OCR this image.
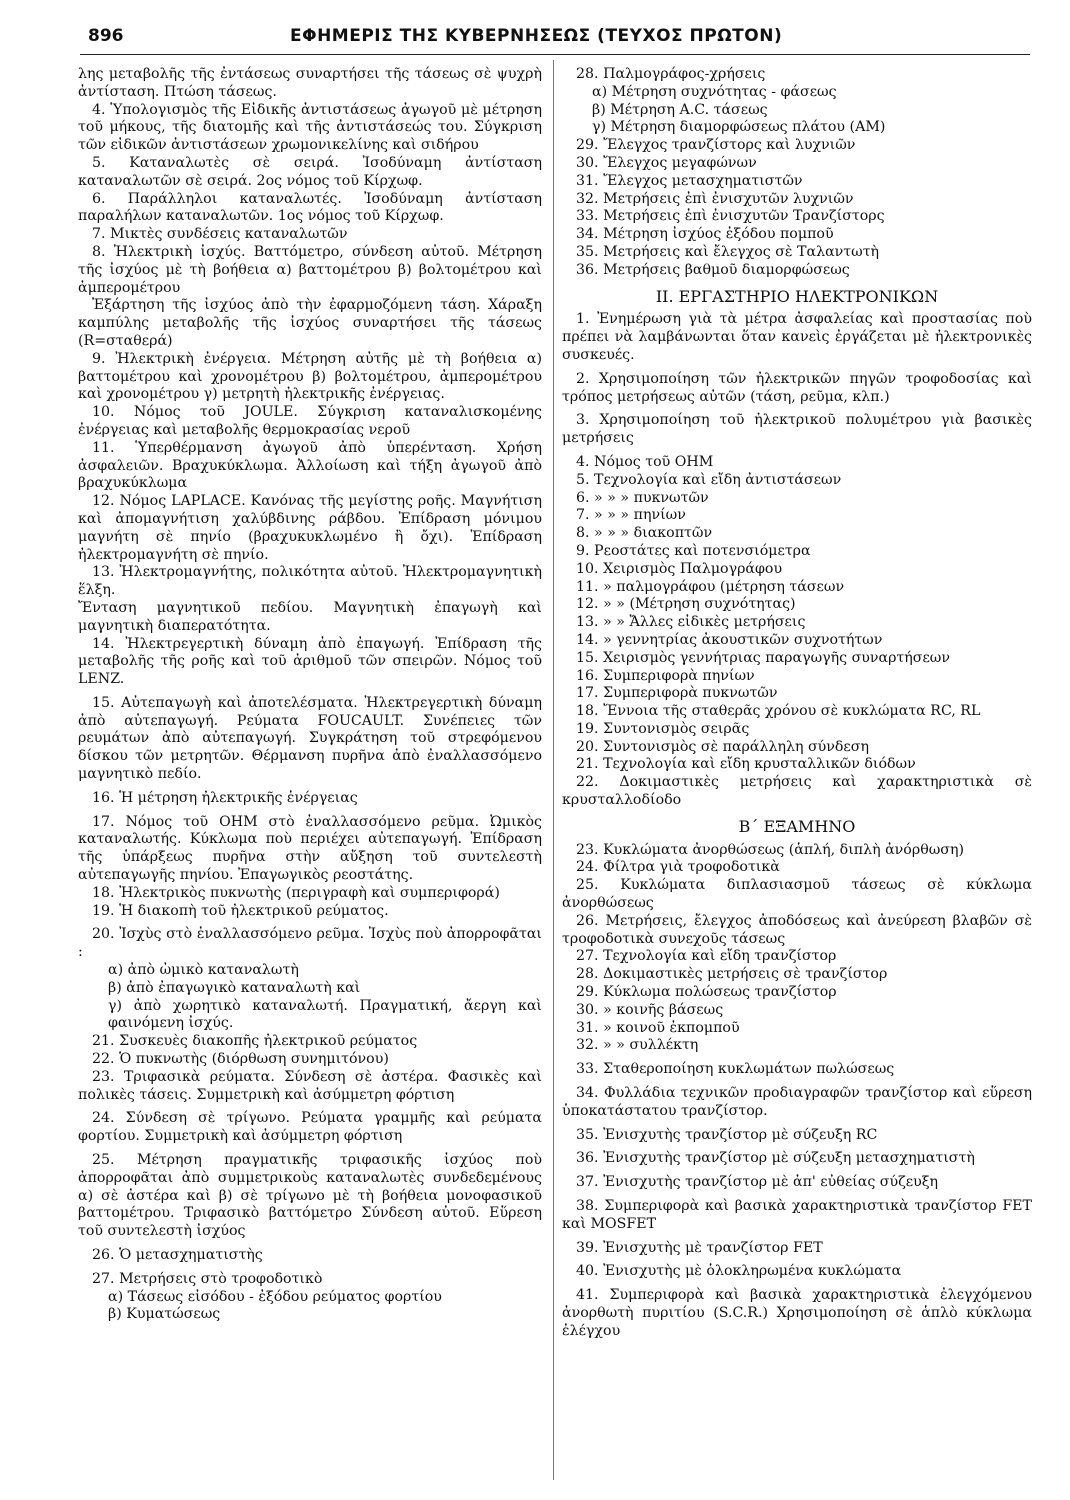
896	ΕΦΗΜΕΡΙΣ ΤΗΣ ΚΥΒΕΡΝΗΣΕΩΣ (ΤΕΥΧΟΣ ΠΡΩΤΟΝ)

λης μεταβολῆς τῆς ἐντάσεως συναρτήσει τῆς τάσεως σὲ ψυχρὴ ἀντίσταση. Πτώση τάσεως.

4. Ὑπολογισμὸς τῆς Εἰδικῆς ἀντιστάσεως ἀγωγοῦ μὲ μέτρηση τοῦ μήκους, τῆς διατομῆς καὶ τῆς ἀντιστάσεώς του. Σύγκριση τῶν εἰδικῶν ἀντιστάσεων χρωμονικελίνης καὶ σιδήρου

5. Καταναλωτὲς σὲ σειρά. Ἰσοδύναμη ἀντίσταση καταναλωτῶν σὲ σειρά. 2ος νόμος τοῦ Κίρχωφ.

6. Παράλληλοι καταναλωτές. Ἰσοδύναμη ἀντίσταση παραλήλων καταναλωτῶν. 1ος νόμος τοῦ Κίρχωφ.

7. Μικτὲς συνδέσεις καταναλωτῶν

8. Ἠλεκτρικὴ ἰσχύς. Βαττόμετρο, σύνδεση αὐτοῦ. Μέτρηση τῆς ἰσχύος μὲ τὴ βοήθεια α) βαττομέτρου β) βολτομέτρου καὶ ἀμπερομέτρου

Ἐξάρτηση τῆς ἰσχύος ἀπὸ τὴν ἐφαρμοζόμενη τάση. Χάραξη καμπύλης μεταβολῆς τῆς ἰσχύος συναρτήσει τῆς τάσεως (R=σταθερά)

9. Ἠλεκτρικὴ ἐνέργεια. Μέτρηση αὐτῆς μὲ τὴ βοήθεια α) βαττομέτρου καὶ χρονομέτρου β) βολτομέτρου, ἀμπερομέτρου καὶ χρονομέτρου γ) μετρητὴ ἠλεκτρικῆς ἐνέργειας.

10. Νόμος τοῦ JOULE. Σύγκριση καταναλισκομένης ἐνέργειας καὶ μεταβολῆς θερμοκρασίας νεροῦ

11. Ὑπερθέρμανση ἀγωγοῦ ἀπὸ ὑπερένταση. Χρήση ἀσφαλειῶν. Βραχυκύκλωμα. Ἀλλοίωση καὶ τήξη ἀγωγοῦ ἀπὸ βραχυκύκλωμα

12. Νόμος LAPLACE. Κανόνας τῆς μεγίστης ροῆς. Μαγνήτιση καὶ ἀπομαγνήτιση χαλύβδινης ράβδου. Ἐπίδραση μόνιμου μαγνήτη σὲ πηνίο (βραχυκυκλωμένο ἢ ὄχι). Ἐπίδραση ἠλεκτρομαγνήτη σὲ πηνίο.

13. Ἠλεκτρομαγνήτης, πολικότητα αὐτοῦ. Ἠλεκτρομαγνητικὴ ἕλξη.

Ἔνταση μαγνητικοῦ πεδίου. Μαγνητικὴ ἐπαγωγὴ καὶ μαγνητικὴ διαπερατότητα.

14. Ἠλεκτρεγερτικὴ δύναμη ἀπὸ ἐπαγωγή. Ἐπίδραση τῆς μεταβολῆς τῆς ροῆς καὶ τοῦ ἀριθμοῦ τῶν σπειρῶν. Νόμος τοῦ LENZ.

15. Αὐτεπαγωγὴ καὶ ἀποτελέσματα. Ἠλεκτρεγερτικὴ δύναμη ἀπὸ αὐτεπαγωγή. Ρεύματα FOUCAULT. Συνέπειες τῶν ρευμάτων ἀπὸ αὐτεπαγωγή. Συγκράτηση τοῦ στρεφόμενου δίσκου τῶν μετρητῶν. Θέρμανση πυρῆνα ἀπὸ ἐναλλασσόμενο μαγνητικὸ πεδίο.

16. Ἡ μέτρηση ἠλεκτρικῆς ἐνέργειας

17. Νόμος τοῦ ΟΗΜ στὸ ἐναλλασσόμενο ρεῦμα. Ὠμικὸς καταναλωτής. Κύκλωμα ποὺ περιέχει αὐτεπαγωγή. Ἐπίδραση τῆς ὑπάρξεως πυρῆνα στὴν αὔξηση τοῦ συντελεστὴ αὐτεπαγωγῆς πηνίου. Ἐπαγωγικὸς ρεοστάτης.

18. Ἠλεκτρικὸς πυκνωτὴς (περιγραφὴ καὶ συμπεριφορά)

19. Ἡ διακοπὴ τοῦ ἠλεκτρικοῦ ρεύματος.

20. Ἰσχὺς στὸ ἐναλλασσόμενο ρεῦμα. Ἰσχὺς ποὺ ἀπορροφᾶται :

α) ἀπὸ ὠμικὸ καταναλωτὴ

β) ἀπὸ ἐπαγωγικὸ καταναλωτὴ καὶ

γ) ἀπὸ χωρητικὸ καταναλωτή. Πραγματική, ἄεργη καὶ φαινόμενη ἰσχύς.

21. Συσκευὲς διακοπῆς ἠλεκτρικοῦ ρεύματος

22. Ὁ πυκνωτὴς (διόρθωση συνημιτόνου)

23. Τριφασικὰ ρεύματα. Σύνδεση σὲ ἀστέρα. Φασικὲς καὶ πολικὲς τάσεις. Συμμετρικὴ καὶ ἀσύμμετρη φόρτιση

24. Σύνδεση σὲ τρίγωνο. Ρεύματα γραμμῆς καὶ ρεύματα φορτίου. Συμμετρικὴ καὶ ἀσύμμετρη φόρτιση

25. Μέτρηση πραγματικῆς τριφασικῆς ἰσχύος ποὺ ἀπορροφᾶται ἀπὸ συμμετρικοὺς καταναλωτὲς συνδεδεμένους α) σὲ ἀστέρα καὶ β) σὲ τρίγωνο μὲ τὴ βοήθεια μονοφασικοῦ βαττομέτρου. Τριφασικὸ βαττόμετρο Σύνδεση αὐτοῦ. Εὕρεση τοῦ συντελεστὴ ἰσχύος

26. Ὁ μετασχηματιστὴς

27. Μετρήσεις στὸ τροφοδοτικὸ

α) Τάσεως εἰσόδου - ἐξόδου ρεύματος φορτίου

β) Κυματώσεως

28. Παλμογράφος-χρήσεις

α) Μέτρηση συχνότητας - φάσεως

β) Μέτρηση A.C. τάσεως

γ) Μέτρηση διαμορφώσεως πλάτου (AM)

29. Ἔλεγχος τρανζίστορς καὶ λυχνιῶν

30. Ἔλεγχος μεγαφώνων

31. Ἔλεγχος μετασχηματιστῶν

32. Μετρήσεις ἐπὶ ἐνισχυτῶν λυχνιῶν

33. Μετρήσεις ἐπὶ ἐνισχυτῶν Τρανζίστορς

34. Μέτρηση ἰσχύος ἐξόδου πομποῦ

35. Μετρήσεις καὶ ἔλεγχος σὲ Ταλαντωτὴ

36. Μετρήσεις βαθμοῦ διαμορφώσεως

ΙΙ. ΕΡΓΑΣΤΗΡΙΟ ΗΛΕΚΤΡΟΝΙΚΩΝ

1. Ἐνημέρωση γιὰ τὰ μέτρα ἀσφαλείας καὶ προστασίας ποὺ πρέπει νὰ λαμβάνωνται ὅταν κανεὶς ἐργάζεται μὲ ἠλεκτρονικὲς συσκευές.

2. Χρησιμοποίηση τῶν ἠλεκτρικῶν πηγῶν τροφοδοσίας καὶ τρόπος μετρήσεως αὐτῶν (τάση, ρεῦμα, κλπ.)

3. Χρησιμοποίηση τοῦ ἠλεκτρικοῦ πολυμέτρου γιὰ βασικὲς μετρήσεις

4. Νόμος τοῦ ΟΗΜ

5. Τεχνολογία καὶ εἴδη ἀντιστάσεων

6. » » » πυκνωτῶν

7. » » » πηνίων

8. » » » διακοπτῶν

9. Ρεοστάτες καὶ ποτενσιόμετρα

10. Χειρισμὸς Παλμογράφου

11. » παλμογράφου (μέτρηση τάσεων

12. » » (Μέτρηση συχνότητας)

13. » » Ἄλλες εἰδικὲς μετρήσεις

14. » γεννητρίας ἀκουστικῶν συχνοτήτων

15. Χειρισμὸς γεννήτριας παραγωγῆς συναρτήσεων

16. Συμπεριφορὰ πηνίων

17. Συμπεριφορὰ πυκνωτῶν

18. Ἔννοια τῆς σταθερᾶς χρόνου σὲ κυκλώματα RC, RL

19. Συντονισμὸς σειρᾶς

20. Συντονισμὸς σὲ παράλληλη σύνδεση

21. Τεχνολογία καὶ εἴδη κρυσταλλικῶν διόδων

22. Δοκιμαστικὲς μετρήσεις καὶ χαρακτηριστικὰ σὲ κρυσταλλοδίοδο

Β΄ ΕΞΑΜΗΝΟ

23. Κυκλώματα ἀνορθώσεως (ἁπλή, διπλὴ ἀνόρθωση)

24. Φίλτρα γιὰ τροφοδοτικὰ

25. Κυκλώματα διπλασιασμοῦ τάσεως σὲ κύκλωμα ἀνορθώσεως

26. Μετρήσεις, ἔλεγχος ἀποδόσεως καὶ ἀνεύρεση βλαβῶν σὲ τροφοδοτικὰ συνεχοῦς τάσεως

27. Τεχνολογία καὶ εἴδη τρανζίστορ

28. Δοκιμαστικὲς μετρήσεις σὲ τρανζίστορ

29. Κύκλωμα πολώσεως τρανζίστορ

30. » κοινῆς βάσεως

31. » κοινοῦ ἐκπομποῦ

32. » » συλλέκτη

33. Σταθεροποίηση κυκλωμάτων πωλώσεως

34. Φυλλάδια τεχνικῶν προδιαγραφῶν τρανζίστορ καὶ εὕρεση ὑποκατάστατου τρανζίστορ.

35. Ἐνισχυτὴς τρανζίστορ μὲ σύζευξη RC

36. Ἐνισχυτὴς τρανζίστορ μὲ σύζευξη μετασχηματιστὴ

37. Ἐνισχυτὴς τρανζίστορ μὲ ἀπ' εὐθείας σύζευξη

38. Συμπεριφορὰ καὶ βασικὰ χαρακτηριστικὰ τρανζίστορ FET καὶ MOSFET

39. Ἐνισχυτὴς μὲ τρανζίστορ FET

40. Ἐνισχυτὴς μὲ ὁλοκληρωμένα κυκλώματα

41. Συμπεριφορὰ καὶ βασικὰ χαρακτηριστικὰ ἐλεγχόμενου ἀνορθωτὴ πυριτίου (S.C.R.) Χρησιμοποίηση σὲ ἁπλὸ κύκλωμα ἐλέγχου
